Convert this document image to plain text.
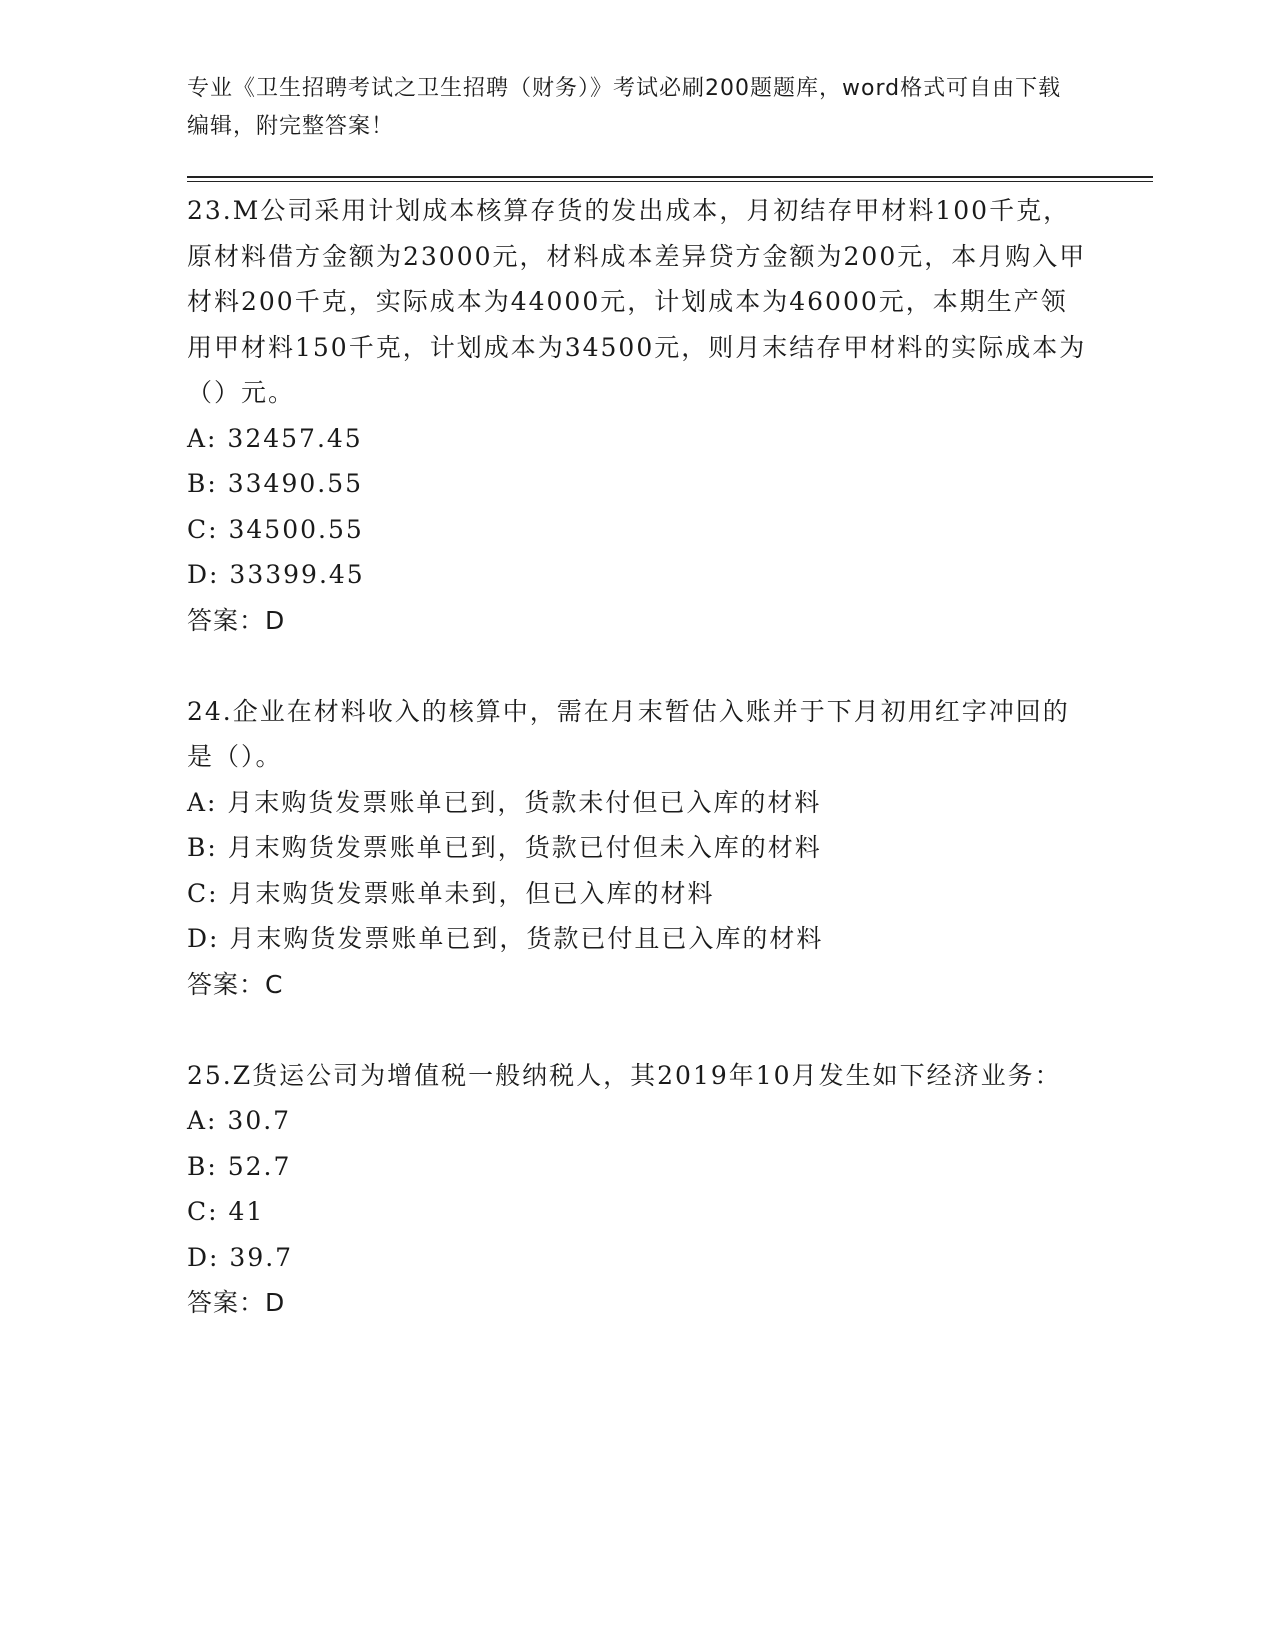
专业《卫生招聘考试之卫生招聘（财务）》考试必刷200题题库，word格式可自由下载编辑，附完整答案！

23.M公司采用计划成本核算存货的发出成本，月初结存甲材料100千克，原材料借方金额为23000元，材料成本差异贷方金额为200元，本月购入甲材料200千克，实际成本为44000元，计划成本为46000元，本期生产领用甲材料150千克，计划成本为34500元，则月末结存甲材料的实际成本为（）元。

A: 32457.45

B: 33490.55

C: 34500.55

D: 33399.45

答案：D

24.企业在材料收入的核算中，需在月末暂估入账并于下月初用红字冲回的是（）。

A: 月末购货发票账单已到，货款未付但已入库的材料

B: 月末购货发票账单已到，货款已付但未入库的材料

C: 月末购货发票账单未到，但已入库的材料

D: 月末购货发票账单已到，货款已付且已入库的材料

答案：C

25.Z货运公司为增值税一般纳税人，其2019年10月发生如下经济业务：

A: 30.7

B: 52.7

C: 41

D: 39.7

答案：D
